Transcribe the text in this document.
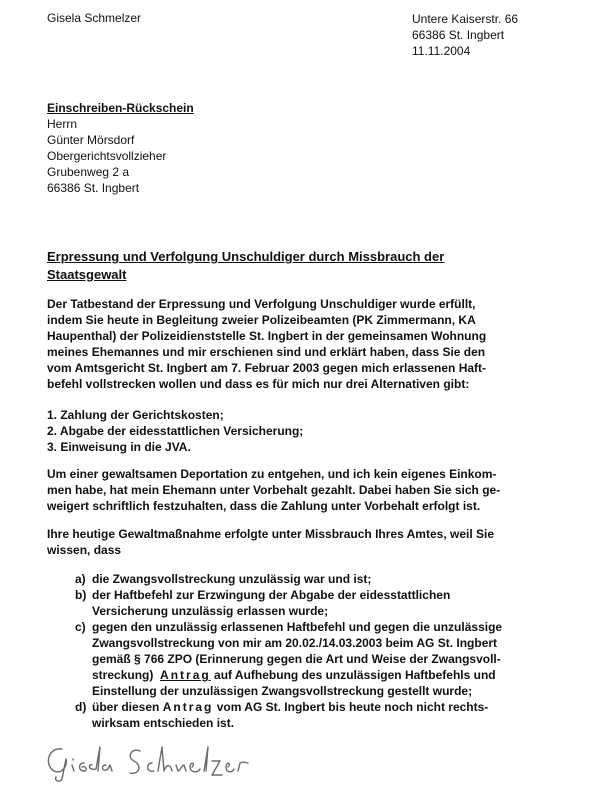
Gisela Schmelzer	Untere Kaiserstr. 66
66386 St. Ingbert
11.11.2004
Einschreiben-Rückschein
Herrn
Günter Mörsdorf
Obergerichtsvollzieher
Grubenweg 2 a
66386 St. Ingbert
Erpressung und Verfolgung Unschuldiger durch Missbrauch der
Staatsgewalt
Der Tatbestand der Erpressung und Verfolgung Unschuldiger wurde erfüllt,
indem Sie heute in Begleitung zweier Polizeibeamten (PK Zimmermann, KA
Haupenthal) der Polizeidienststelle St. Ingbert in der gemeinsamen Wohnung
meines Ehemannes und mir erschienen sind und erklärt haben, dass Sie den
vom Amtsgericht St. Ingbert am 7. Februar 2003 gegen mich erlassenen Haft-
befehl vollstrecken wollen und dass es für mich nur drei Alternativen gibt:
1. Zahlung der Gerichtskosten;
2. Abgabe der eidesstattlichen Versicherung;
3. Einweisung in die JVA.
Um einer gewaltsamen Deportation zu entgehen, und ich kein eigenes Einkom-
men habe, hat mein Ehemann unter Vorbehalt gezahlt. Dabei haben Sie sich ge-
weigert schriftlich festzuhalten, dass die Zahlung unter Vorbehalt erfolgt ist.
Ihre heutige Gewaltmaßnahme erfolgte unter Missbrauch Ihres Amtes, weil Sie
wissen, dass
a) die Zwangsvollstreckung unzulässig war und ist;
b) der Haftbefehl zur Erzwingung der Abgabe der eidesstattlichen
Versicherung unzulässig erlassen wurde;
c) gegen den unzulässig erlassenen Haftbefehl und gegen die unzulässige
Zwangsvollstreckung von mir am 20.02./14.03.2003 beim AG St. Ingbert
gemäß § 766 ZPO (Erinnerung gegen die Art und Weise der Zwangsvoll-
streckung) Antrag auf Aufhebung des unzulässigen Haftbefehls und
Einstellung der unzulässigen Zwangsvollstreckung gestellt wurde;
d) über diesen Antrag vom AG St. Ingbert bis heute noch nicht rechts-
wirksam entschieden ist.
